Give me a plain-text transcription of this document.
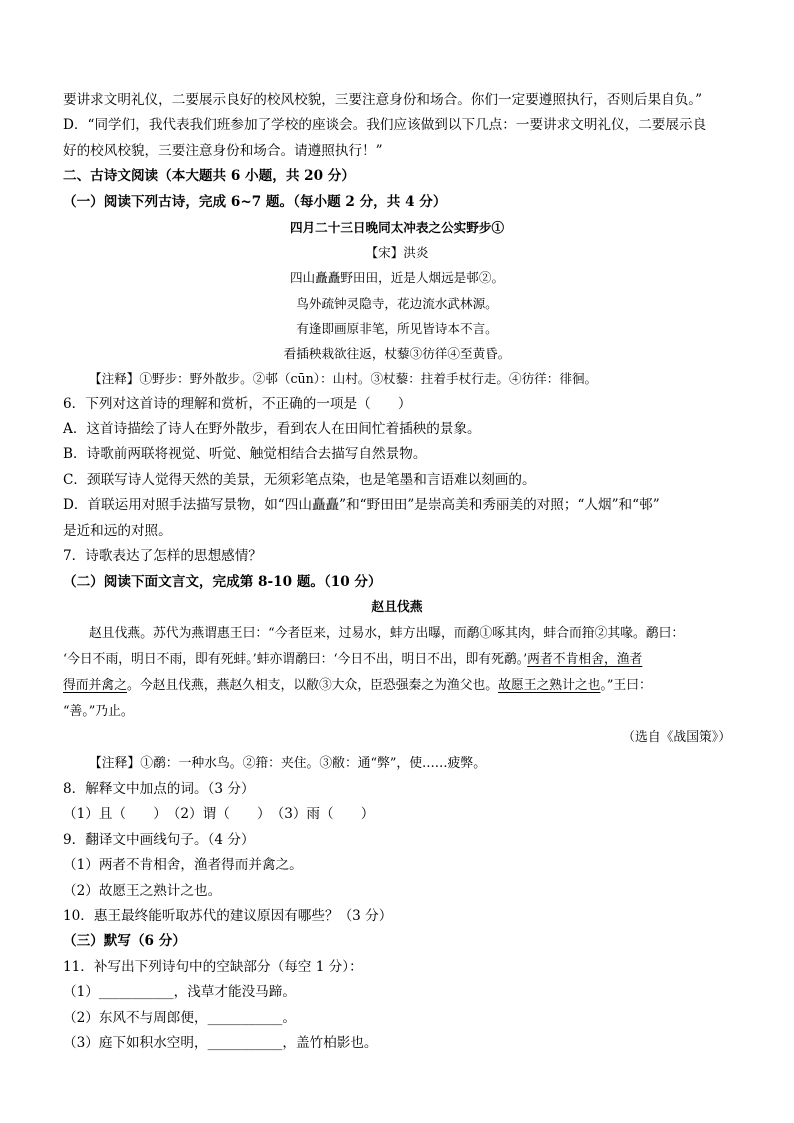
要讲求文明礼仪，二要展示良好的校风校貌，三要注意身份和场合。你们一定要遵照执行，否则后果自负。”
D．“同学们，我代表我们班参加了学校的座谈会。我们应该做到以下几点：一要讲求文明礼仪，二要展示良
好的校风校貌，三要注意身份和场合。请遵照执行！”
二、古诗文阅读（本大题共 6 小题，共 20 分）
（一）阅读下列古诗，完成 6~7 题。（每小题 2 分，共 4 分）
四月二十三日晚同太冲表之公实野步①
【宋】洪炎
四山矗矗野田田，近是人烟远是邨②。
鸟外疏钟灵隐寺，花边流水武林源。
有逢即画原非笔，所见皆诗本不言。
看插秧栽欲往返，杖藜③彷徉④至黄昏。
【注释】①野步：野外散步。②邨（cūn）：山村。③杖藜：拄着手杖行走。④彷徉：徘徊。
6．下列对这首诗的理解和赏析，不正确的一项是（　　）
A．这首诗描绘了诗人在野外散步，看到农人在田间忙着插秧的景象。
B．诗歌前两联将视觉、听觉、触觉相结合去描写自然景物。
C．颈联写诗人觉得天然的美景，无须彩笔点染，也是笔墨和言语难以刻画的。
D．首联运用对照手法描写景物，如“四山矗矗”和“野田田”是崇高美和秀丽美的对照；“人烟”和“邨”
是近和远的对照。
7．诗歌表达了怎样的思想感情？
（二）阅读下面文言文，完成第 8-10 题。（10 分）
赵且伐燕
赵且伐燕。苏代为燕谓惠王曰：“今者臣来，过易水，蚌方出曝，而鹬①啄其肉，蚌合而箝②其喙。鹬曰：
‘今日不雨，明日不雨，即有死蚌。’蚌亦谓鹬曰：‘今日不出，明日不出，即有死鹬。’两者不肯相舍，渔者
得而并禽之。今赵且伐燕，燕赵久相支，以敝③大众，臣恐强秦之为渔父也。故愿王之熟计之也。”王曰：
“善。”乃止。
（选自《战国策》）
【注释】①鹬：一种水鸟。②箝：夹住。③敝：通“弊”，使……疲弊。
8．解释文中加点的词。（3 分）
（1）且（　　）　（2）谓（　　）　（3）雨（　　）
9．翻译文中画线句子。（4 分）
（1）两者不肯相舍，渔者得而并禽之。
（2）故愿王之熟计之也。
10．惠王最终能听取苏代的建议原因有哪些？（3 分）
（三）默写（6 分）
11．补写出下列诗句中的空缺部分（每空 1 分）：
（1）___________，浅草才能没马蹄。
（2）东风不与周郎便，___________。
（3）庭下如积水空明，___________，盖竹柏影也。
